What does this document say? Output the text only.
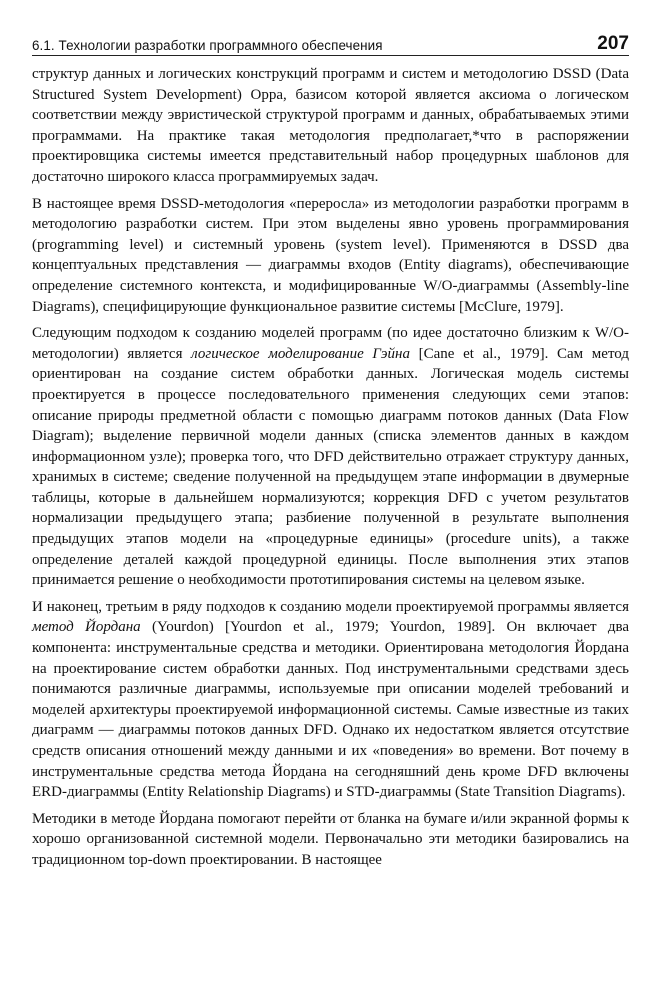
6.1. Технологии разработки программного обеспечения	207

структур данных и логических конструкций программ и систем и методологию DSSD (Data Structured System Development) Орра, базисом которой является аксиома о логическом соответствии между эвристической структурой программ и данных, обрабатываемых этими программами. На практике такая методология предполагает,*что в распоряжении проектировщика системы имеется представительный набор процедурных шаблонов для достаточно широкого класса программируемых задач.

В настоящее время DSSD-методология «переросла» из методологии разработки программ в методологию разработки систем. При этом выделены явно уровень программирования (programming level) и системный уровень (system level). Применяются в DSSD два концептуальных представления — диаграммы входов (Entity diagrams), обеспечивающие определение системного контекста, и модифицированные W/O-диаграммы (Assembly-line Diagrams), специфицирующие функциональное развитие системы [McClure, 1979].

Следующим подходом к созданию моделей программ (по идее достаточно близким к W/O-методологии) является логическое моделирование Гэйна [Cane et al., 1979]. Сам метод ориентирован на создание систем обработки данных. Логическая модель системы проектируется в процессе последовательного применения следующих семи этапов: описание природы предметной области с помощью диаграмм потоков данных (Data Flow Diagram); выделение первичной модели данных (списка элементов данных в каждом информационном узле); проверка того, что DFD действительно отражает структуру данных, хранимых в системе; сведение полученной на предыдущем этапе информации в двумерные таблицы, которые в дальнейшем нормализуются; коррекция DFD с учетом результатов нормализации предыдущего этапа; разбиение полученной в результате выполнения предыдущих этапов модели на «процедурные единицы» (procedure units), а также определение деталей каждой процедурной единицы. После выполнения этих этапов принимается решение о необходимости прототипирования системы на целевом языке.

И наконец, третьим в ряду подходов к созданию модели проектируемой программы является метод Йордана (Yourdon) [Yourdon et al., 1979; Yourdon, 1989]. Он включает два компонента: инструментальные средства и методики. Ориентирована методология Йордана на проектирование систем обработки данных. Под инструментальными средствами здесь понимаются различные диаграммы, используемые при описании моделей требований и моделей архитектуры проектируемой информационной системы. Самые известные из таких диаграмм — диаграммы потоков данных DFD. Однако их недостатком является отсутствие средств описания отношений между данными и их «поведения» во времени. Вот почему в инструментальные средства метода Йордана на сегодняшний день кроме DFD включены ERD-диаграммы (Entity Relationship Diagrams) и STD-диаграммы (State Transition Diagrams).

Методики в методе Йордана помогают перейти от бланка на бумаге и/или экранной формы к хорошо организованной системной модели. Первоначально эти методики базировались на традиционном top-down проектировании. В настоящее
